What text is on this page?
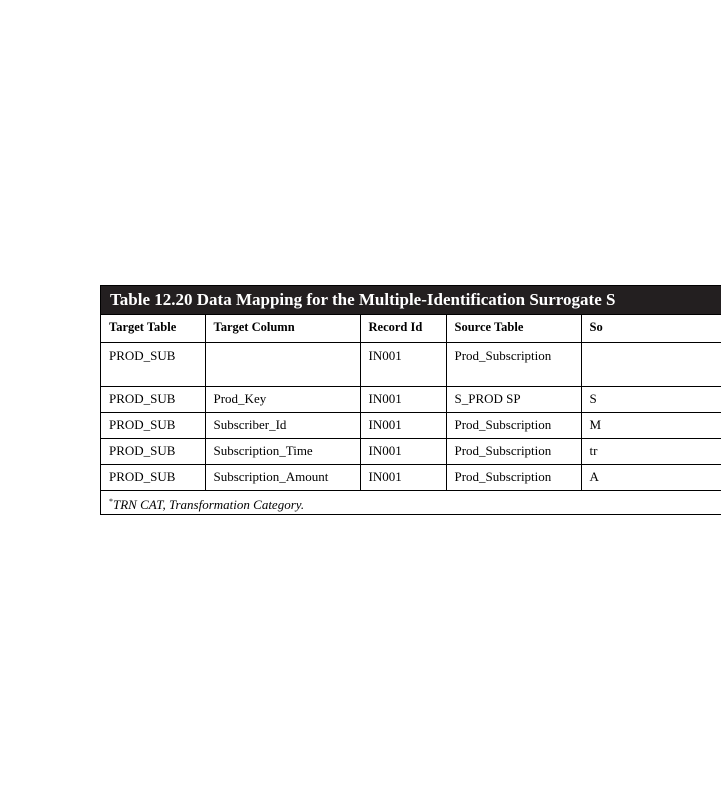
Table 12.20 Data Mapping for the Multiple-Identification Surrogate S
Target Table	Target Column	Record Id	Source Table	So
PROD_SUB		IN001	Prod_Subscription	
PROD_SUB	Prod_Key	IN001	S_PROD SP	S
PROD_SUB	Subscriber_Id	IN001	Prod_Subscription	M
PROD_SUB	Subscription_Time	IN001	Prod_Subscription	tr
PROD_SUB	Subscription_Amount	IN001	Prod_Subscription	A
*TRN CAT, Transformation Category.
